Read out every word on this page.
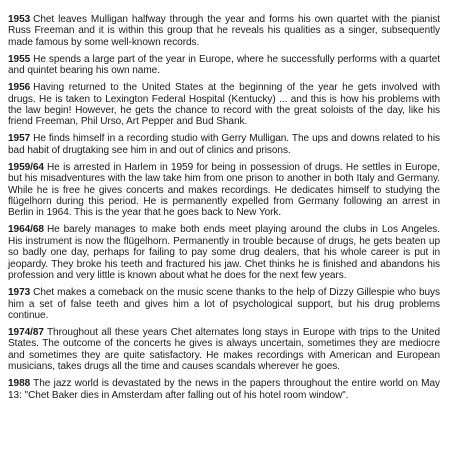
1953 Chet leaves Mulligan halfway through the year and forms his own quartet with the pianist Russ Freeman and it is within this group that he reveals his qualities as a singer, subsequently made famous by some well-known records.

1955 He spends a large part of the year in Europe, where he successfully performs with a quartet and quintet bearing his own name.

1956 Having returned to the United States at the beginning of the year he gets involved with drugs. He is taken to Lexington Federal Hospital (Kentucky) ... and this is how his problems with the law begin! However, he gets the chance to record with the great soloists of the day, like his friend Freeman, Phil Urso, Art Pepper and Bud Shank.

1957 He finds himself in a recording studio with Gerry Mulligan. The ups and downs related to his bad habit of drugtaking see him in and out of clinics and prisons.

1959/64 He is arrested in Harlem in 1959 for being in possession of drugs. He settles in Europe, but his misadventures with the law take him from one prison to another in both Italy and Germany. While he is free he gives concerts and makes recordings. He dedicates himself to studying the flügelhorn during this period. He is permanently expelled from Germany following an arrest in Berlin in 1964. This is the year that he goes back to New York.

1964/68 He barely manages to make both ends meet playing around the clubs in Los Angeles. His instrument is now the flügelhorn. Permanently in trouble because of drugs, he gets beaten up so badly one day, perhaps for failing to pay some drug dealers, that his whole career is put in jeopardy. They broke his teeth and fractured his jaw. Chet thinks he is finished and abandons his profession and very little is known about what he does for the next few years.

1973 Chet makes a comeback on the music scene thanks to the help of Dizzy Gillespie who buys him a set of false teeth and gives him a lot of psychological support, but his drug problems continue.

1974/87 Throughout all these years Chet alternates long stays in Europe with trips to the United States. The outcome of the concerts he gives is always uncertain, sometimes they are mediocre and sometimes they are quite satisfactory. He makes recordings with American and European musicians, takes drugs all the time and causes scandals wherever he goes.

1988 The jazz world is devastated by the news in the papers throughout the entire world on May 13: "Chet Baker dies in Amsterdam after falling out of his hotel room window".
